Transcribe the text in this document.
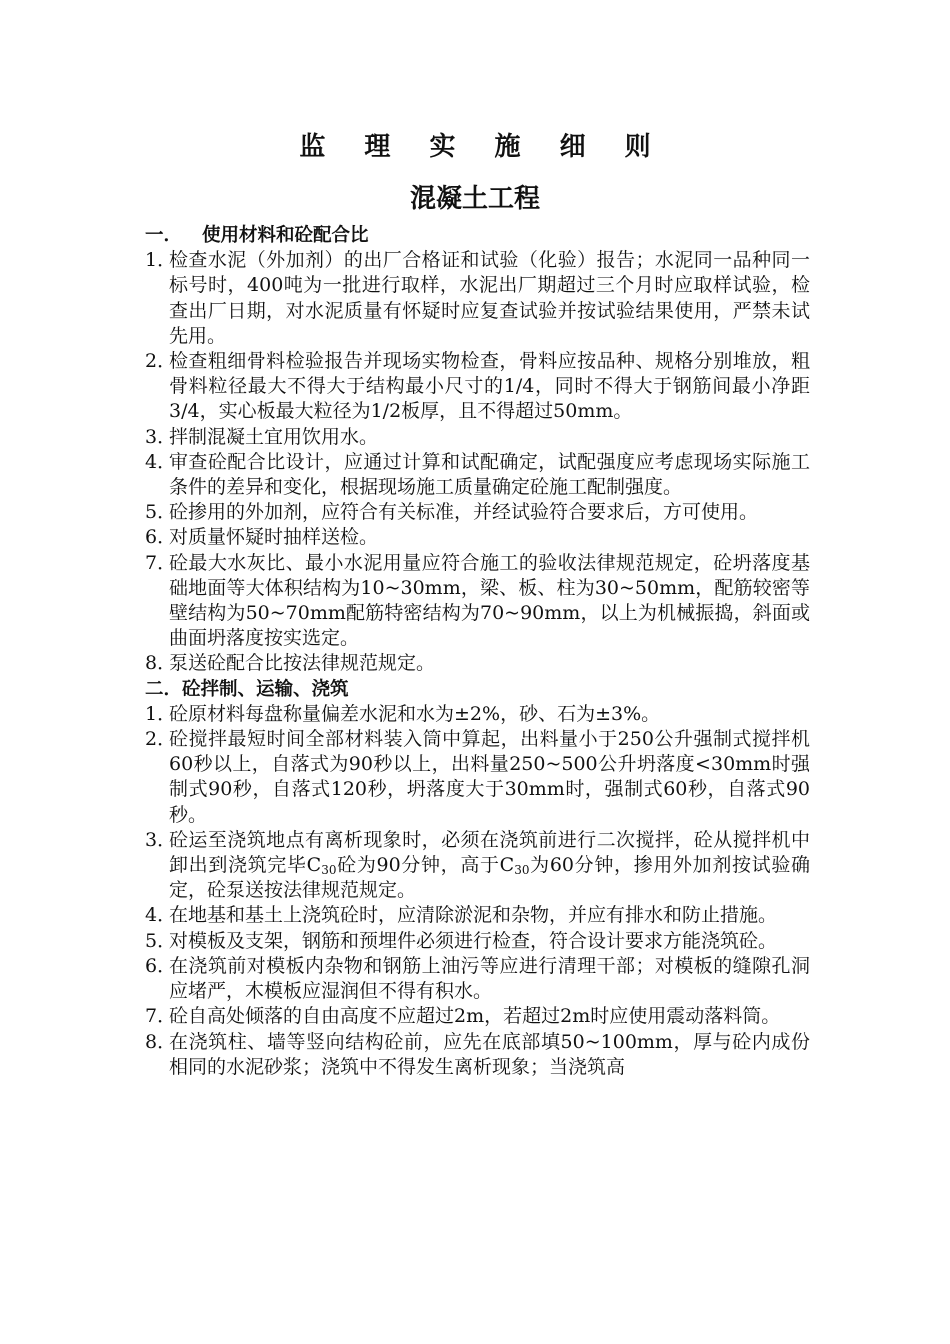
监 理 实 施 细 则
混凝土工程
一． 使用材料和砼配合比
1．
检查水泥（外加剂）的出厂合格证和试验（化验）报告；水泥同一品种同一标号时，400吨为一批进行取样，水泥出厂期超过三个月时应取样试验，检查出厂日期，对水泥质量有怀疑时应复查试验并按试验结果使用，严禁未试先用。
2．
检查粗细骨料检验报告并现场实物检查，骨料应按品种、规格分别堆放，粗骨料粒径最大不得大于结构最小尺寸的1/4，同时不得大于钢筋间最小净距3/4，实心板最大粒径为1/2板厚，且不得超过50mm。
3．
拌制混凝土宜用饮用水。
4．
审查砼配合比设计，应通过计算和试配确定，试配强度应考虑现场实际施工条件的差异和变化，根据现场施工质量确定砼施工配制强度。
5．
砼掺用的外加剂，应符合有关标准，并经试验符合要求后，方可使用。
6．
对质量怀疑时抽样送检。
7．
砼最大水灰比、最小水泥用量应符合施工的验收法律规范规定，砼坍落度基础地面等大体积结构为10~30mm，梁、板、柱为30~50mm，配筋较密等壁结构为50~70mm配筋特密结构为70~90mm，以上为机械振捣，斜面或曲面坍落度按实选定。
8．
泵送砼配合比按法律规范规定。
二．砼拌制、运输、浇筑
1．
砼原材料每盘称量偏差水泥和水为±2%，砂、石为±3%。
2．
砼搅拌最短时间全部材料装入筒中算起，出料量小于250公升强制式搅拌机60秒以上，自落式为90秒以上，出料量250~500公升坍落度<30mm时强制式90秒，自落式120秒，坍落度大于30mm时，强制式60秒，自落式90秒。
3．
砼运至浇筑地点有离析现象时，必须在浇筑前进行二次搅拌，砼从搅拌机中卸出到浇筑完毕$C_{30}$砼为90分钟，高于$C_{30}$为60分钟，掺用外加剂按试验确定，砼泵送按法律规范规定。
4．
在地基和基土上浇筑砼时，应清除淤泥和杂物，并应有排水和防止措施。
5．
对模板及支架，钢筋和预埋件必须进行检查，符合设计要求方能浇筑砼。
6．
在浇筑前对模板内杂物和钢筋上油污等应进行清理干部；对模板的缝隙孔洞应堵严，木模板应湿润但不得有积水。
7．
砼自高处倾落的自由高度不应超过2m，若超过2m时应使用震动落料筒。
8．
在浇筑柱、墙等竖向结构砼前，应先在底部填50~100mm，厚与砼内成份相同的水泥砂浆；浇筑中不得发生离析现象；当浇筑高
